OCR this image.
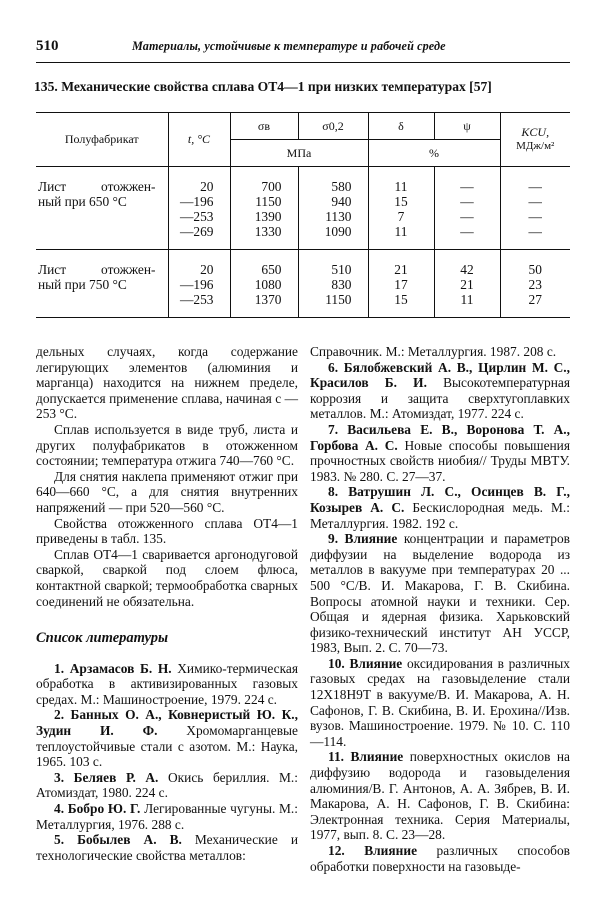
510	Материалы, устойчивые к температуре и рабочей среде
135. Механические свойства сплава ОТ4—1 при низких температурах [57]
Полуфабрикат	t, °С	σв	σ0,2	δ	ψ	KCU,
МДж/м²
		МПа		%		
Лист отожжен-	20	700	580	11	—	—
ный при 650 °С	—196	1150	940	15	—	—
	—253	1390	1130	7	—	—
	—269	1330	1090	11	—	—
Лист отожжен-	20	650	510	21	42	50
ный при 750 °С	—196	1080	830	17	21	23
	—253	1370	1150	15	11	27

дельных случаях, когда содержание легирующих элементов (алюминия и марганца) находится на нижнем пределе, допускается применение сплава, начиная с —253 °С.

Сплав используется в виде труб, листа и других полуфабрикатов в отожженном состоянии; температура отжига 740—760 °С.

Для снятия наклепа применяют отжиг при 640—660 °С, а для снятия внутренних напряжений — при 520—560 °С.

Свойства отожженного сплава ОТ4—1 приведены в табл. 135.

Сплав ОТ4—1 сваривается аргонодуговой сваркой, сваркой под слоем флюса, контактной сваркой; термообработка сварных соединений не обязательна.

Список литературы

1. Арзамасов Б. Н. Химико-термическая обработка в активизированных газовых средах. М.: Машиностроение, 1979. 224 с.

2. Банных О. А., Ковнеристый Ю. К., Зудин И. Ф. Хромомарганцевые теплоустойчивые стали с азотом. М.: Наука, 1965. 103 с.

3. Беляев Р. А. Окись бериллия. М.: Атомиздат, 1980. 224 с.

4. Бобро Ю. Г. Легированные чугуны. М.: Металлургия, 1976. 288 с.

5. Бобылев А. В. Механические и технологические свойства металлов:

Справочник. М.: Металлургия. 1987. 208 с.

6. Бялобжевский А. В., Цирлин М. С., Красилов Б. И. Высокотемпературная коррозия и защита сверхтугоплавких металлов. М.: Атомиздат, 1977. 224 с.

7. Васильева Е. В., Воронова Т. А., Горбова А. С. Новые способы повышения прочностных свойств ниобия// Труды МВТУ. 1983. № 280. С. 27—37.

8. Ватрушин Л. С., Осинцев В. Г., Козырев А. С. Бескислородная медь. М.: Металлургия. 1982. 192 с.

9. Влияние концентрации и параметров диффузии на выделение водорода из металлов в вакууме при температурах 20 ... 500 °С/В. И. Макарова, Г. В. Скибина. Вопросы атомной науки и техники. Сер. Общая и ядерная физика. Харьковский физико-технический институт АН УССР, 1983, Вып. 2. С. 70—73.

10. Влияние оксидирования в различных газовых средах на газовыделение стали 12Х18Н9Т в вакууме/В. И. Макарова, А. Н. Сафонов, Г. В. Скибина, В. И. Ерохина//Изв. вузов. Машиностроение. 1979. № 10. С. 110—114.

11. Влияние поверхностных окислов на диффузию водорода и газовыделения алюминия/В. Г. Антонов, А. А. Зябрев, В. И. Макарова, А. Н. Сафонов, Г. В. Скибина: Электронная техника. Серия Материалы, 1977, вып. 8. С. 23—28.

12. Влияние различных способов обработки поверхности на газовыде-
